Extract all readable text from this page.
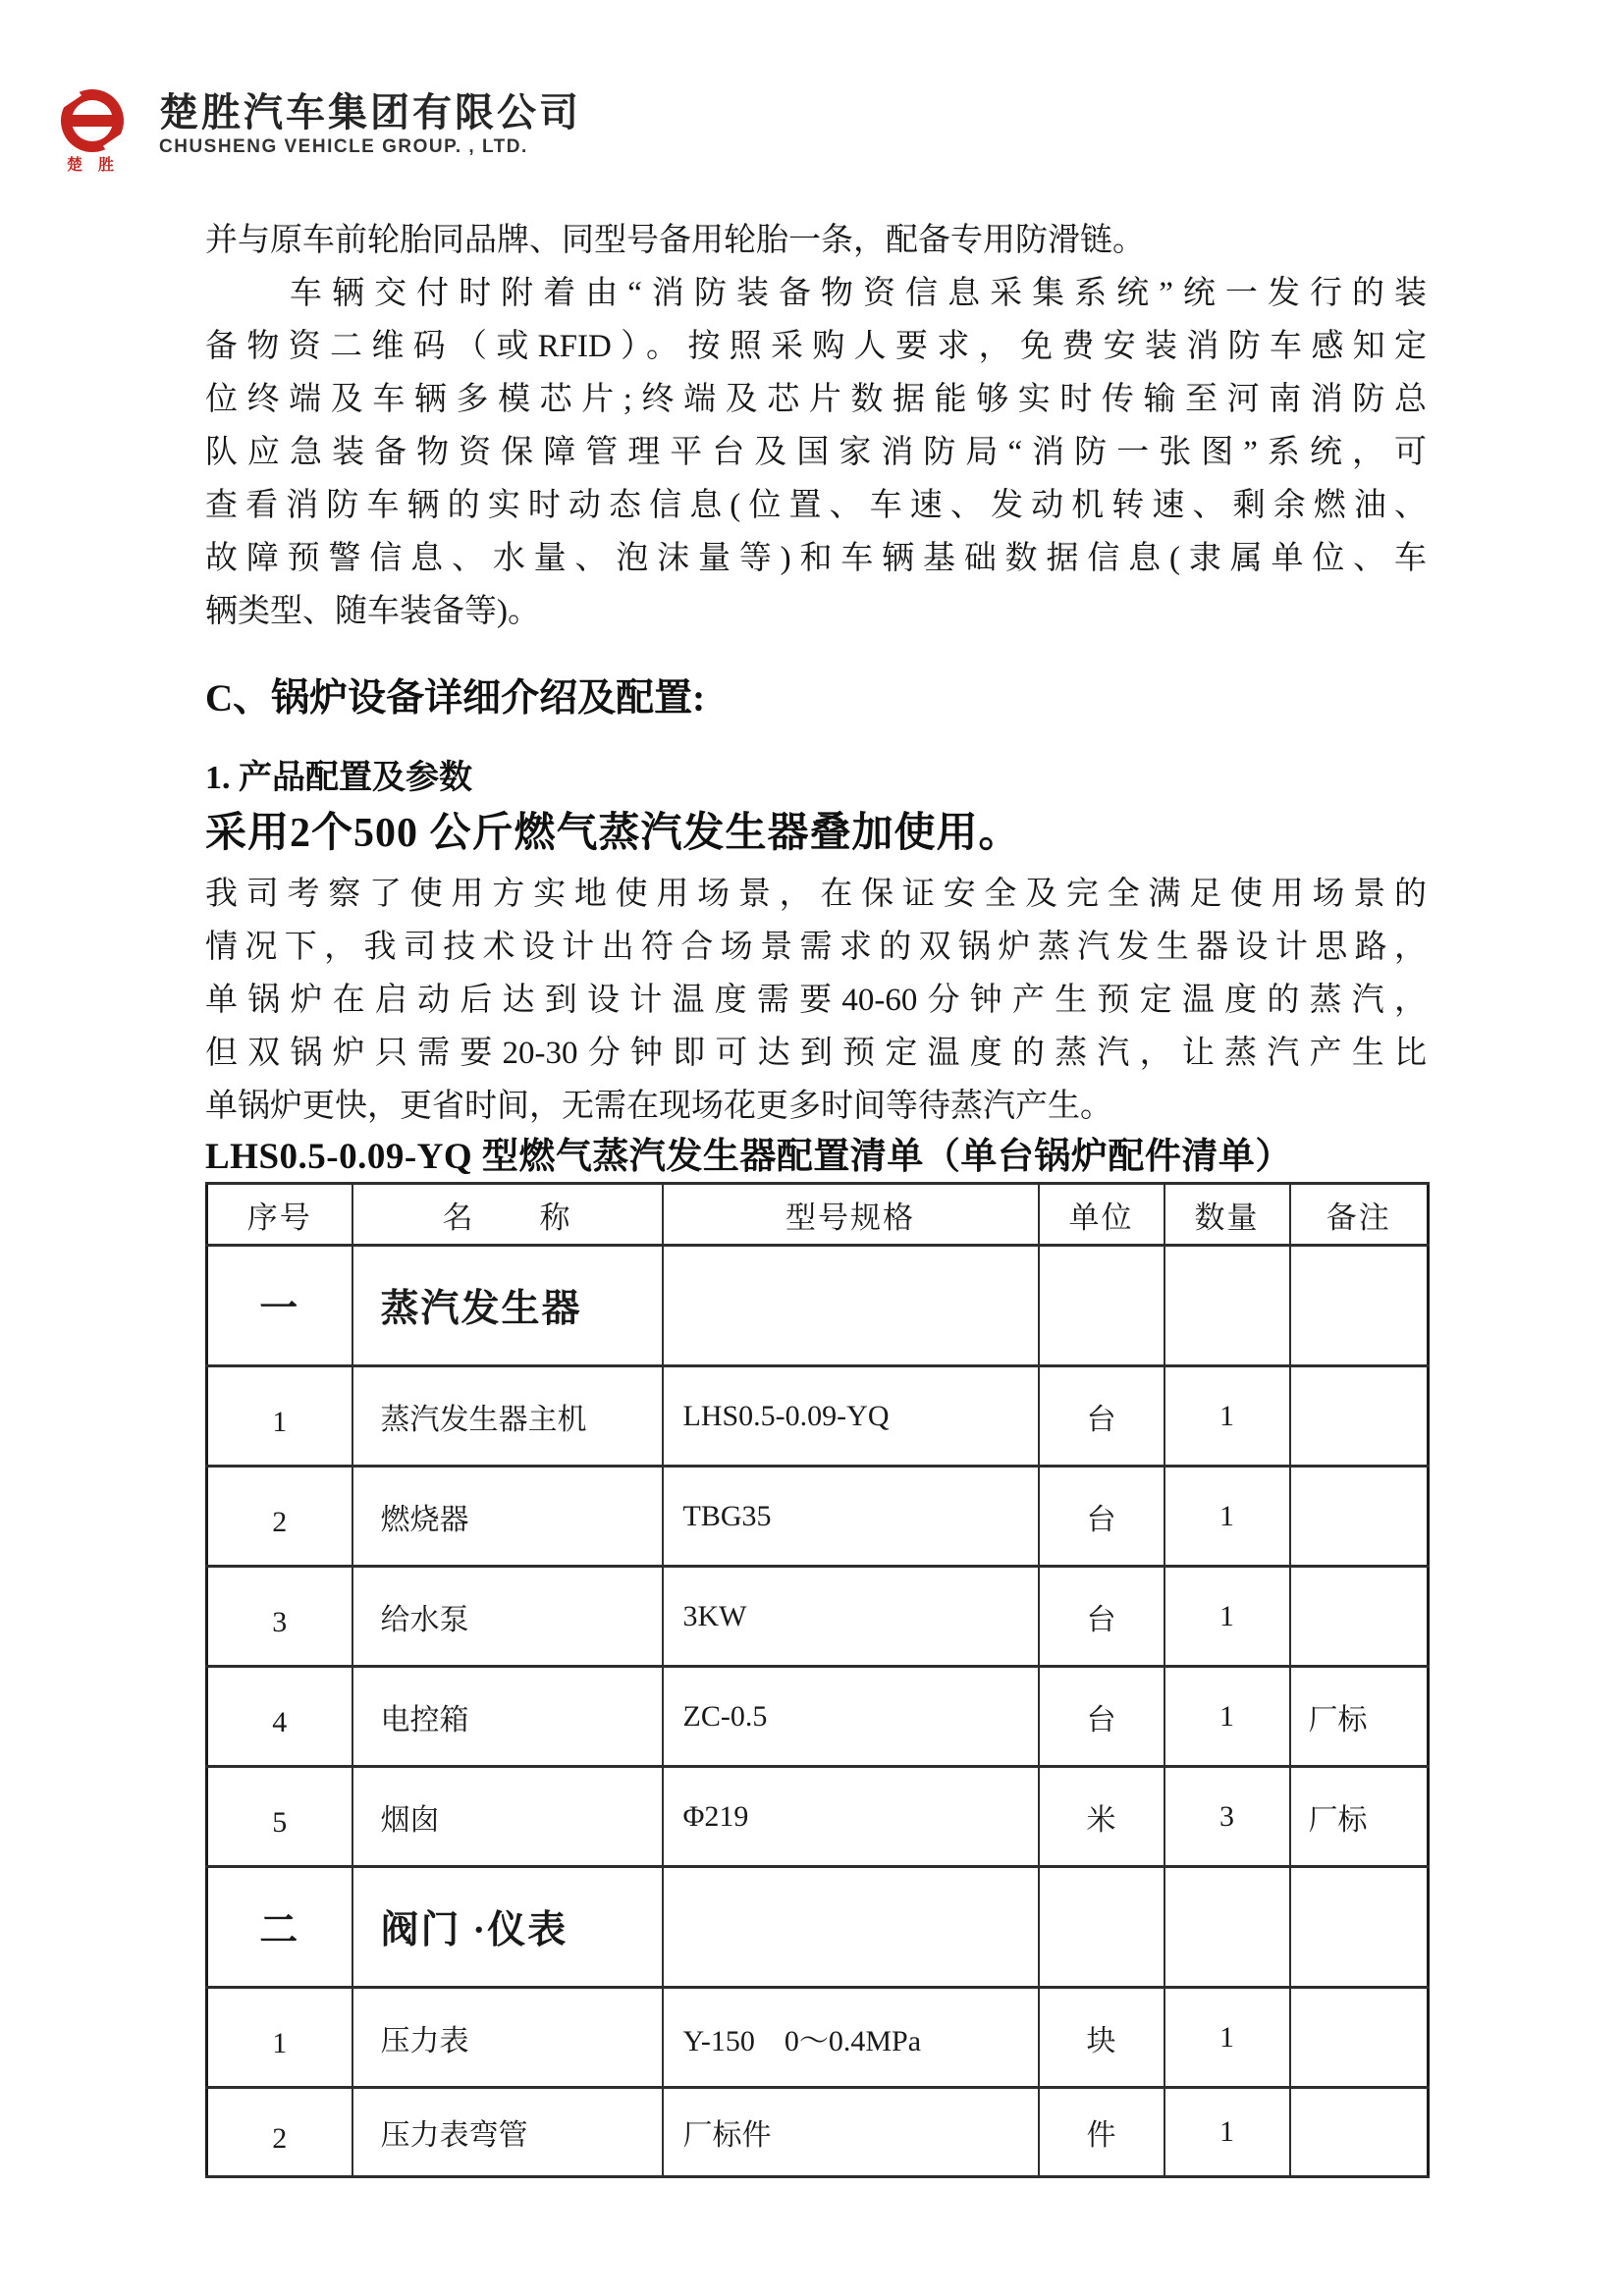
楚胜
楚胜汽车集团有限公司
CHUSHENG VEHICLE GROUP. , LTD.
并与原车前轮胎同品牌、同型号备用轮胎一条，配备专用防滑链。
　　车辆交付时附着由“消防装备物资信息采集系统”统一发行的装
备物资二维码（或RFID）。按照采购人要求，免费安装消防车感知定
位终端及车辆多模芯片;终端及芯片数据能够实时传输至河南消防总
队应急装备物资保障管理平台及国家消防局“消防一张图”系统，可
查看消防车辆的实时动态信息(位置、车速、发动机转速、剩余燃油、
故障预警信息、水量、泡沫量等)和车辆基础数据信息(隶属单位、车
辆类型、随车装备等)。
C、锅炉设备详细介绍及配置:
1. 产品配置及参数
采用2个500 公斤燃气蒸汽发生器叠加使用。
我司考察了使用方实地使用场景，在保证安全及完全满足使用场景的
情况下，我司技术设计出符合场景需求的双锅炉蒸汽发生器设计思路，
单锅炉在启动后达到设计温度需要40-60分钟产生预定温度的蒸汽，
但双锅炉只需要20-30分钟即可达到预定温度的蒸汽，让蒸汽产生比
单锅炉更快，更省时间，无需在现场花更多时间等待蒸汽产生。
LHS0.5-0.09-YQ 型燃气蒸汽发生器配置清单（单台锅炉配件清单）
序号	名　　称	型号规格	单位	数量	备注
一	蒸汽发生器				
1	蒸汽发生器主机	LHS0.5-0.09-YQ	台	1	
2	燃烧器	TBG35	台	1	
3	给水泵	3KW	台	1	
4	电控箱	ZC-0.5	台	1	厂标
5	烟囱	Φ219	米	3	厂标
二	阀门 ·仪表				
1	压力表	Y-150　0～0.4MPa	块	1	
2	压力表弯管	厂标件	件	1	
